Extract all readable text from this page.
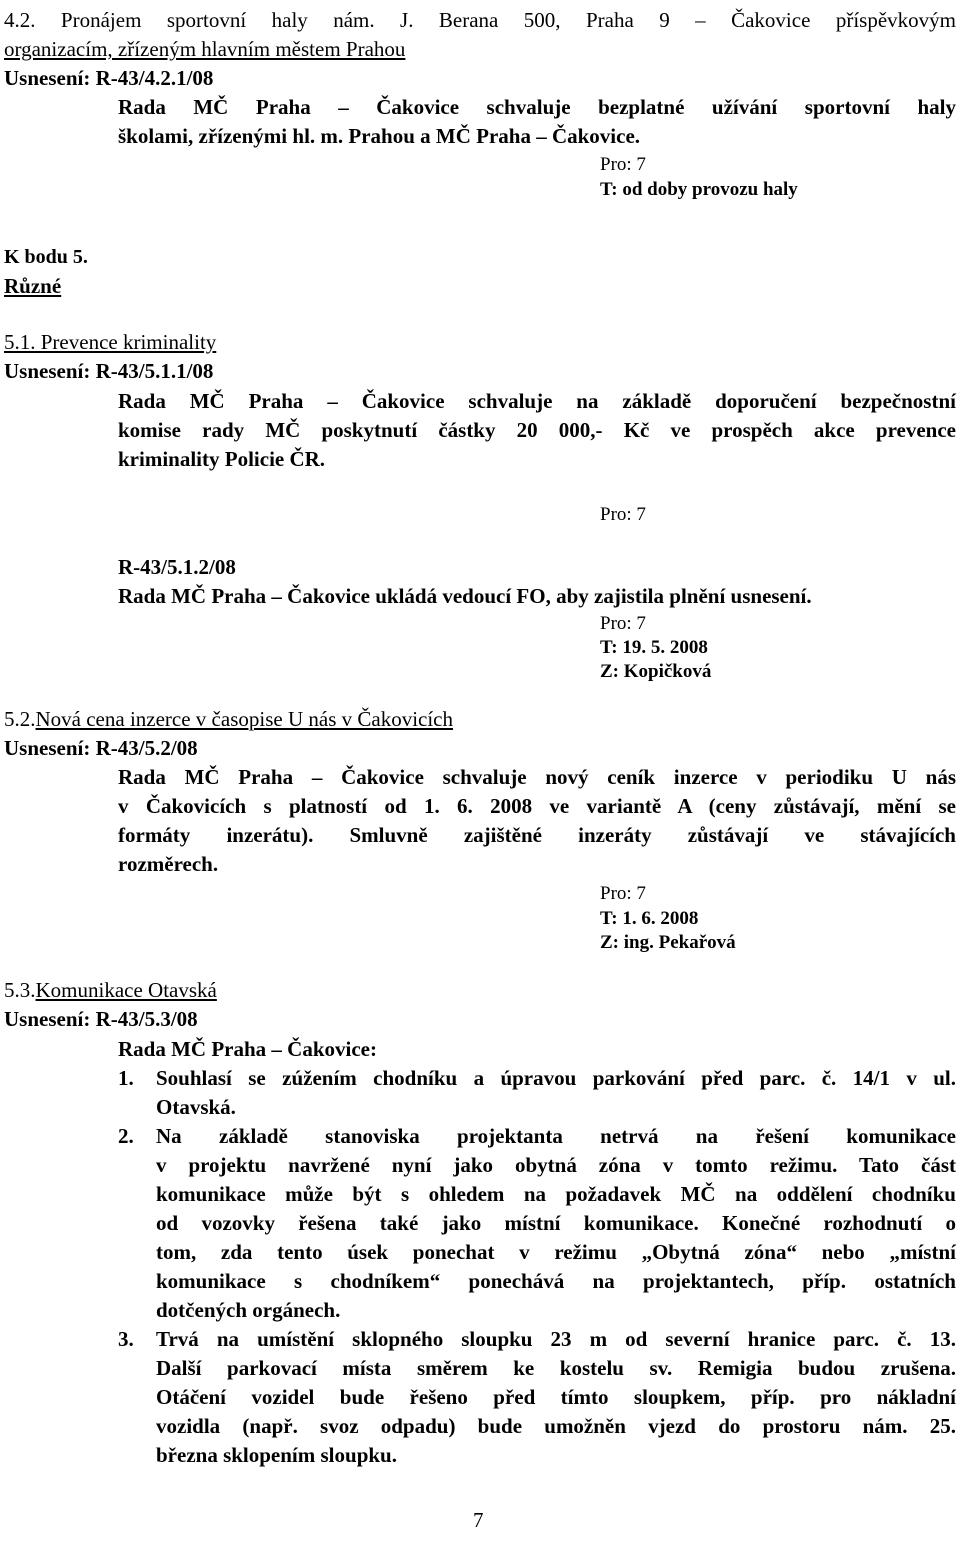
4.2. Pronájem sportovní haly nám. J. Berana 500, Praha 9 – Čakovice příspěvkovým
organizacím, zřízeným hlavním městem Prahou
Usnesení: R-43/4.2.1/08
Rada MČ Praha – Čakovice schvaluje bezplatné užívání sportovní haly
školami, zřízenými hl. m. Prahou a MČ Praha – Čakovice.
Pro: 7
T: od doby provozu haly
K bodu 5.
Různé
5.1. Prevence kriminality
Usnesení: R-43/5.1.1/08
Rada MČ Praha – Čakovice schvaluje na základě doporučení bezpečnostní
komise rady MČ poskytnutí částky 20 000,- Kč ve prospěch akce prevence
kriminality Policie ČR.
Pro: 7
R-43/5.1.2/08
Rada MČ Praha – Čakovice ukládá vedoucí FO, aby zajistila plnění usnesení.
Pro: 7
T: 19. 5. 2008
Z: Kopičková
5.2.Nová cena inzerce v časopise U nás v Čakovicích
Usnesení: R-43/5.2/08
Rada MČ Praha – Čakovice schvaluje nový ceník inzerce v periodiku U nás
v Čakovicích s platností od 1. 6. 2008 ve variantě A (ceny zůstávají, mění se
formáty inzerátu). Smluvně zajištěné inzeráty zůstávají ve stávajících
rozměrech.
Pro: 7
T: 1. 6. 2008
Z: ing. Pekařová
5.3.Komunikace Otavská
Usnesení: R-43/5.3/08
Rada MČ Praha – Čakovice:
1. Souhlasí se zúžením chodníku a úpravou parkování před parc. č. 14/1 v ul.
Otavská.
2. Na základě stanoviska projektanta netrvá na řešení komunikace
v projektu navržené nyní jako obytná zóna v tomto režimu. Tato část
komunikace může být s ohledem na požadavek MČ na oddělení chodníku
od vozovky řešena také jako místní komunikace. Konečné rozhodnutí o
tom, zda tento úsek ponechat v režimu „Obytná zóna“ nebo „místní
komunikace s chodníkem“ ponechává na projektantech, příp. ostatních
dotčených orgánech.
3. Trvá na umístění sklopného sloupku 23 m od severní hranice parc. č. 13.
Další parkovací místa směrem ke kostelu sv. Remigia budou zrušena.
Otáčení vozidel bude řešeno před tímto sloupkem, příp. pro nákladní
vozidla (např. svoz odpadu) bude umožněn vjezd do prostoru nám. 25.
března sklopením sloupku.
7
